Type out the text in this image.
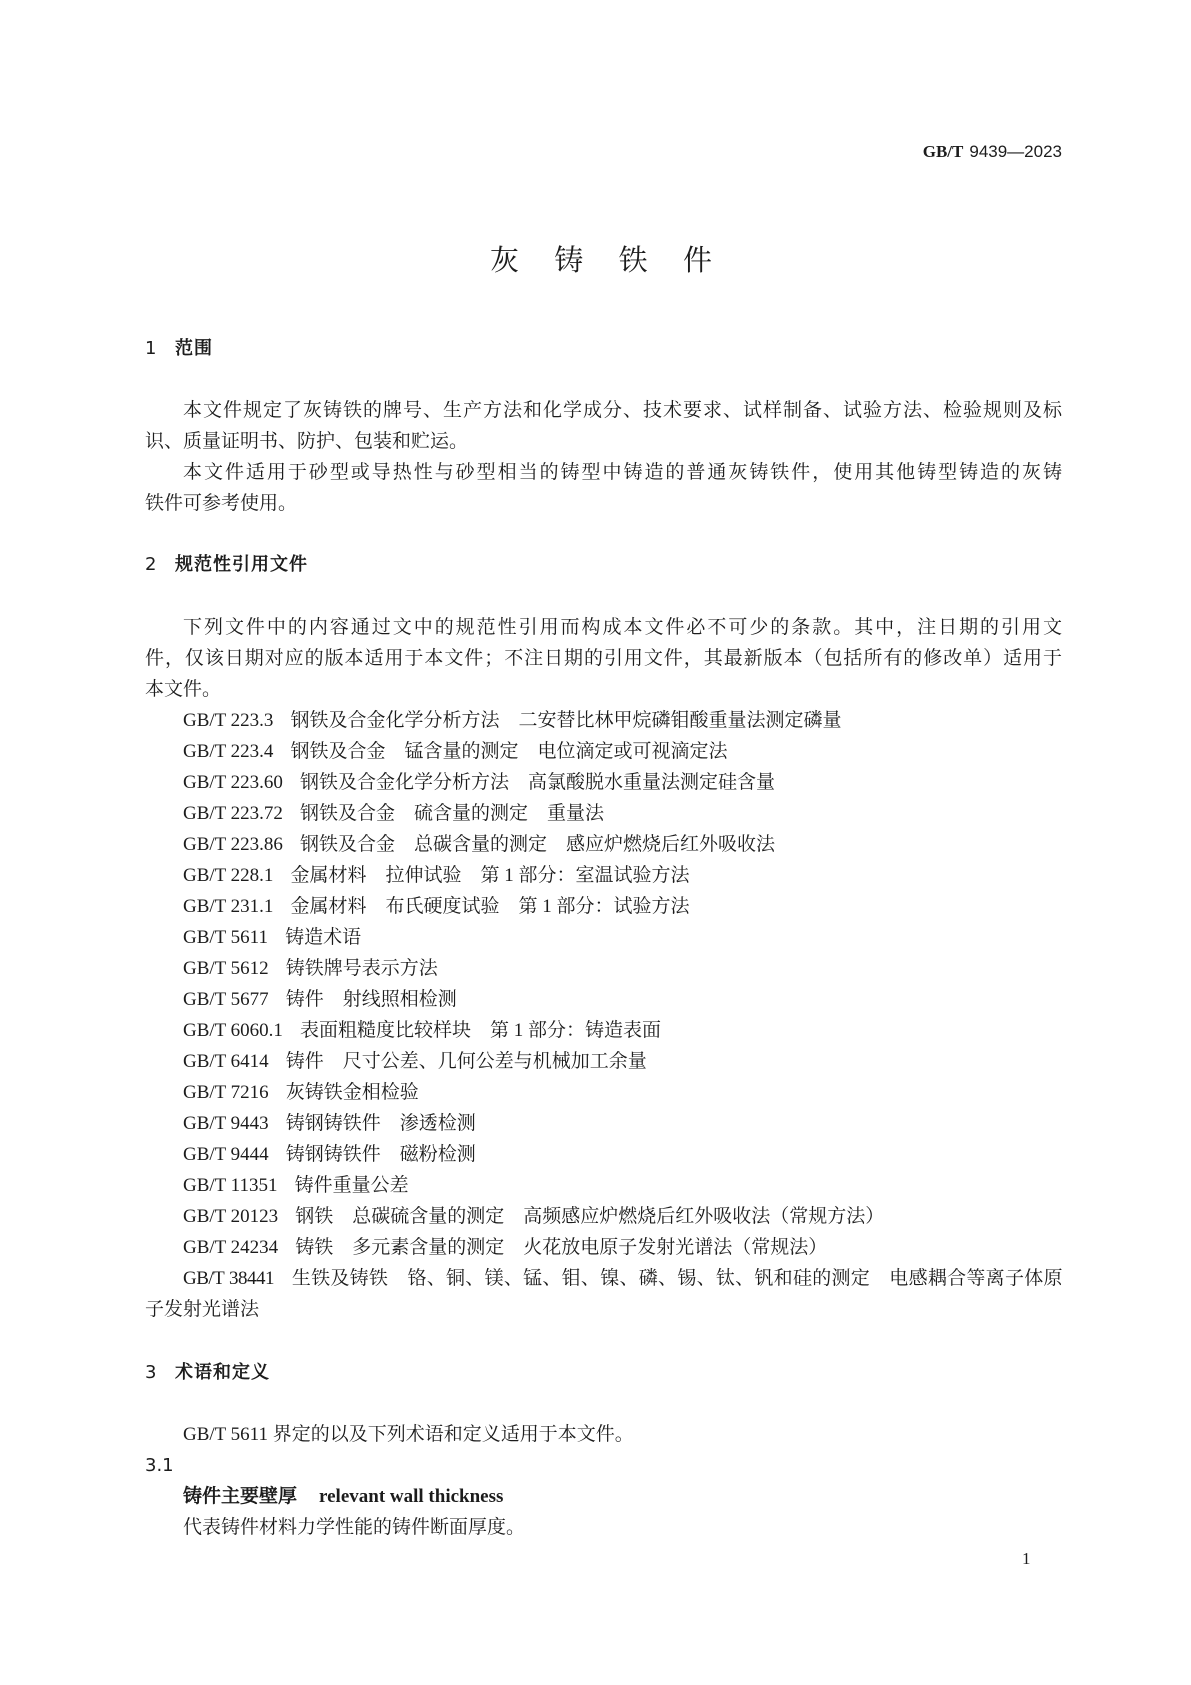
GB/T 9439—2023
灰 铸 铁 件
1 范围
本文件规定了灰铸铁的牌号、生产方法和化学成分、技术要求、试样制备、试验方法、检验规则及标
识、质量证明书、防护、包装和贮运。
本文件适用于砂型或导热性与砂型相当的铸型中铸造的普通灰铸铁件，使用其他铸型铸造的灰铸
铁件可参考使用。
2 规范性引用文件
下列文件中的内容通过文中的规范性引用而构成本文件必不可少的条款。其中，注日期的引用文
件，仅该日期对应的版本适用于本文件；不注日期的引用文件，其最新版本（包括所有的修改单）适用于
本文件。
GB/T 223.3 钢铁及合金化学分析方法　二安替比林甲烷磷钼酸重量法测定磷量
GB/T 223.4 钢铁及合金　锰含量的测定　电位滴定或可视滴定法
GB/T 223.60 钢铁及合金化学分析方法　高氯酸脱水重量法测定硅含量
GB/T 223.72 钢铁及合金　硫含量的测定　重量法
GB/T 223.86 钢铁及合金　总碳含量的测定　感应炉燃烧后红外吸收法
GB/T 228.1 金属材料　拉伸试验　第 1 部分：室温试验方法
GB/T 231.1 金属材料　布氏硬度试验　第 1 部分：试验方法
GB/T 5611 铸造术语
GB/T 5612 铸铁牌号表示方法
GB/T 5677 铸件　射线照相检测
GB/T 6060.1 表面粗糙度比较样块　第 1 部分：铸造表面
GB/T 6414 铸件　尺寸公差、几何公差与机械加工余量
GB/T 7216 灰铸铁金相检验
GB/T 9443 铸钢铸铁件　渗透检测
GB/T 9444 铸钢铸铁件　磁粉检测
GB/T 11351 铸件重量公差
GB/T 20123 钢铁　总碳硫含量的测定　高频感应炉燃烧后红外吸收法（常规方法）
GB/T 24234 铸铁　多元素含量的测定　火花放电原子发射光谱法（常规法）
GB/T 38441 生铁及铸铁　铬、铜、镁、锰、钼、镍、磷、锡、钛、钒和硅的测定　电感耦合等离子体原
子发射光谱法
3 术语和定义
GB/T 5611 界定的以及下列术语和定义适用于本文件。
3.1
铸件主要壁厚 relevant wall thickness
代表铸件材料力学性能的铸件断面厚度。
1
